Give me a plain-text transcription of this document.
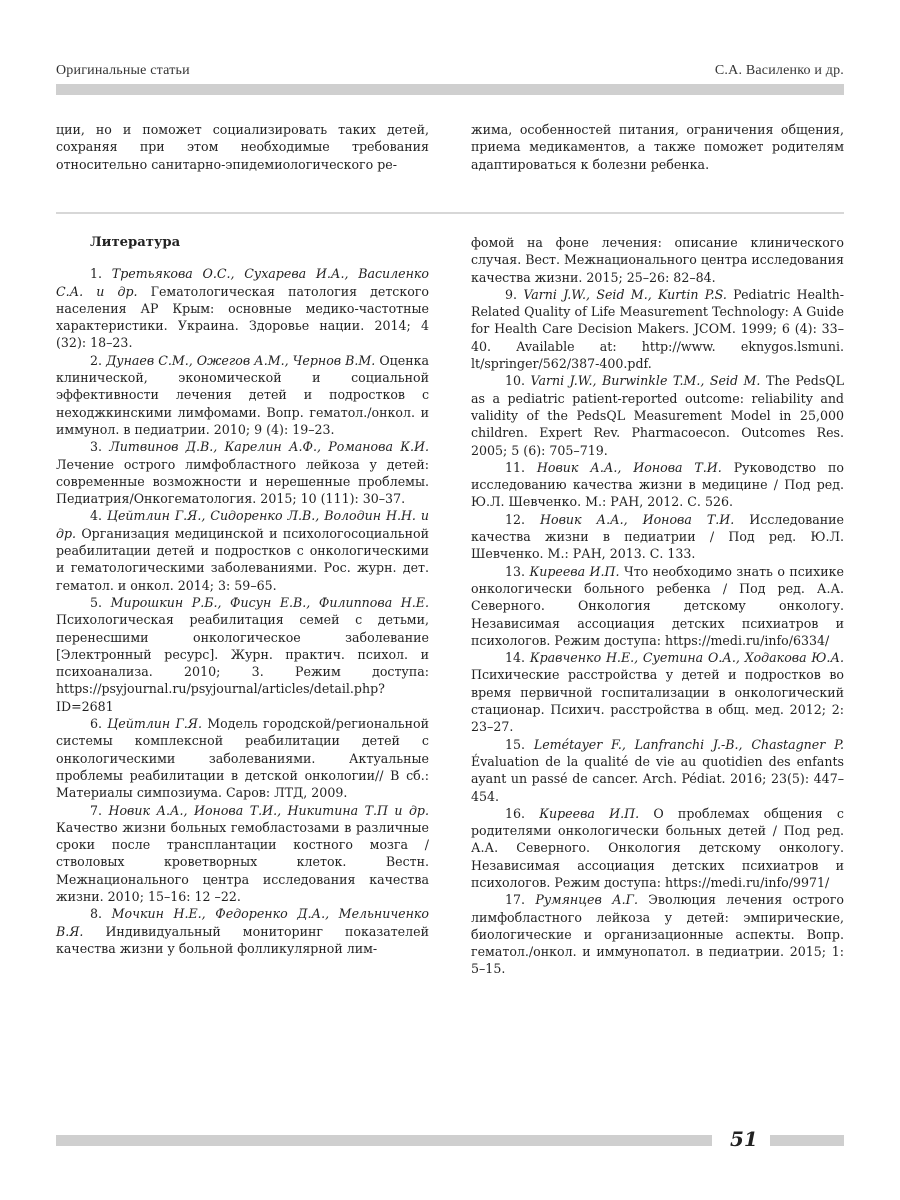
Оригинальные статьи	С.А. Василенко и др.
ции, но и поможет социализировать таких детей, сохраняя при этом необходимые требования относительно санитарно-эпидемиологического ре-
жима, особенностей питания, ограничения общения, приема медикаментов, а также поможет родителям адаптироваться к болезни ребенка.
Литература

1. Третьякова О.С., Сухарева И.А., Василенко С.А. и др. Гематологическая патология детского населения АР Крым: основные медико-частотные характеристики. Украина. Здоровье нации. 2014; 4 (32): 18–23.

2. Дунаев С.М., Ожегов А.М., Чернов В.М. Оценка клинической, экономической и социальной эффективности лечения детей и подростков с неходжкинскими лимфомами. Вопр. гематол./онкол. и иммунол. в педиатрии. 2010; 9 (4): 19–23.

3. Литвинов Д.В., Карелин А.Ф., Романова К.И. Лечение острого лимфобластного лейкоза у детей: современные возможности и нерешенные проблемы. Педиатрия/Онкогематология. 2015; 10 (111): 30–37.

4. Цейтлин Г.Я., Сидоренко Л.В., Володин Н.Н. и др. Организация медицинской и психологосоциальной реабилитации детей и подростков с онкологическими и гематологическими заболеваниями. Рос. журн. дет. гематол. и онкол. 2014; 3: 59–65.

5. Мирошкин Р.Б., Фисун Е.В., Филиппова Н.Е. Психологическая реабилитация семей с детьми, перенесшими онкологическое заболевание [Электронный ресурс]. Журн. практич. психол. и психоанализа. 2010; 3. Режим доступа: https://psyjournal.ru/psyjournal/articles/detail.php?ID=2681

6. Цейтлин Г.Я. Модель городской/региональной системы комплексной реабилитации детей с онкологическими заболеваниями. Актуальные проблемы реабилитации в детской онкологии// В сб.: Материалы симпозиума. Саров: ЛТД, 2009.

7. Новик А.А., Ионова Т.И., Никитина Т.П и др. Качество жизни больных гемобластозами в различные сроки после трансплантации костного мозга / стволовых кроветворных клеток. Вестн. Межнационального центра исследования качества жизни. 2010; 15–16: 12 –22.

8. Мочкин Н.Е., Федоренко Д.А., Мельниченко В.Я. Индивидуальный мониторинг показателей качества жизни у больной фолликулярной лим-

фомой на фоне лечения: описание клинического случая. Вест. Межнационального центра исследования качества жизни. 2015; 25–26: 82–84.

9. Varni J.W., Seid M., Kurtin P.S. Pediatric Health-Related Quality of Life Measurement Technology: A Guide for Health Care Decision Makers. JCOM. 1999; 6 (4): 33–40. Available at: http://www. eknygos.lsmuni. lt/springer/562/387-400.pdf.

10. Varni J.W., Burwinkle T.M., Seid M. The PedsQL as a pediatric patient-reported outcome: reliability and validity of the PedsQL Measurement Model in 25,000 children. Expert Rev. Pharmacoecon. Outcomes Res. 2005; 5 (6): 705–719.

11. Новик А.А., Ионова Т.И. Руководство по исследованию качества жизни в медицине / Под ред. Ю.Л. Шевченко. М.: РАН, 2012. С. 526.

12. Новик А.А., Ионова Т.И. Исследование качества жизни в педиатрии / Под ред. Ю.Л. Шевченко. М.: РАН, 2013. С. 133.

13. Киреева И.П. Что необходимо знать о психике онкологически больного ребенка / Под ред. А.А. Северного. Онкология детскому онкологу. Независимая ассоциация детских психиатров и психологов. Режим доступа: https://medi.ru/info/6334/

14. Кравченко Н.Е., Суетина О.А., Ходакова Ю.А. Психические расстройства у детей и подростков во время первичной госпитализации в онкологический стационар. Психич. расстройства в общ. мед. 2012; 2: 23–27.

15. Lemétayer F., Lanfranchi J.-B., Chastagner P. Évaluation de la qualité de vie au quotidien des enfants ayant un passé de cancer. Arch. Pédiat. 2016; 23(5): 447–454.

16. Киреева И.П. О проблемах общения с родителями онкологически больных детей / Под ред. А.А. Северного. Онкология детскому онкологу. Независимая ассоциация детских психиатров и психологов. Режим доступа: https://medi.ru/info/9971/

17. Румянцев А.Г. Эволюция лечения острого лимфобластного лейкоза у детей: эмпирические, биологические и организационные аспекты. Вопр. гематол./онкол. и иммунопатол. в педиатрии. 2015; 1: 5–15.

51
